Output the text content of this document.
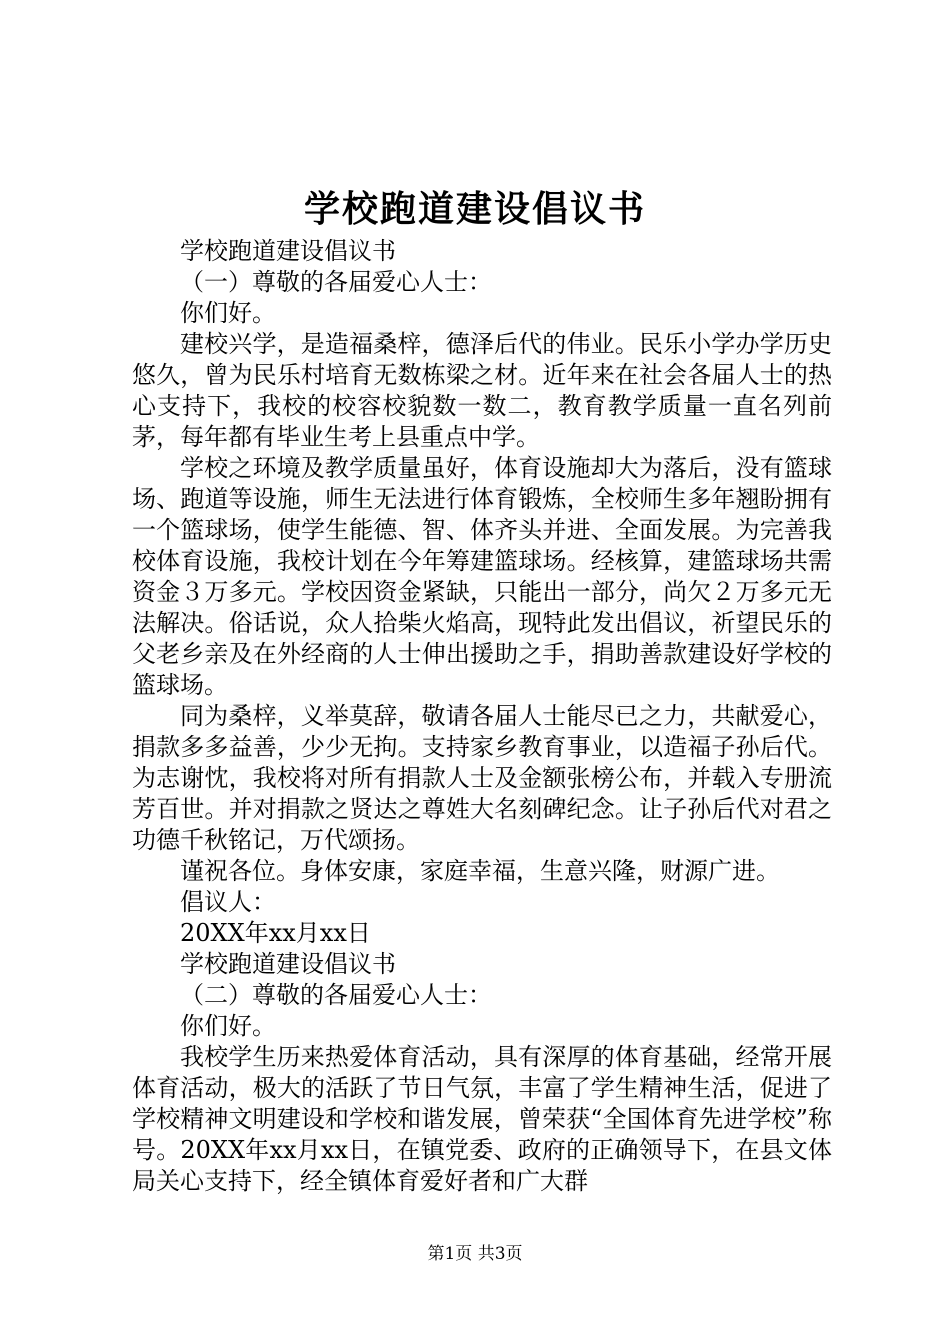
学校跑道建设倡议书

学校跑道建设倡议书

（一）尊敬的各届爱心人士：

你们好。

建校兴学，是造福桑梓，德泽后代的伟业。民乐小学办学历史悠久，曾为民乐村培育无数栋梁之材。近年来在社会各届人士的热心支持下，我校的校容校貌数一数二，教育教学质量一直名列前茅，每年都有毕业生考上县重点中学。

学校之环境及教学质量虽好，体育设施却大为落后，没有篮球场、跑道等设施，师生无法进行体育锻炼，全校师生多年翘盼拥有一个篮球场，使学生能德、智、体齐头并进、全面发展。为完善我校体育设施，我校计划在今年筹建篮球场。经核算，建篮球场共需资金３万多元。学校因资金紧缺，只能出一部分，尚欠２万多元无法解决。俗话说，众人拾柴火焰高，现特此发出倡议，祈望民乐的父老乡亲及在外经商的人士伸出援助之手，捐助善款建设好学校的篮球场。

同为桑梓，义举莫辞，敬请各届人士能尽已之力，共献爱心，捐款多多益善，少少无拘。支持家乡教育事业，以造福子孙后代。为志谢忱，我校将对所有捐款人士及金额张榜公布，并载入专册流芳百世。并对捐款之贤达之尊姓大名刻碑纪念。让子孙后代对君之功德千秋铭记，万代颂扬。

谨祝各位。身体安康，家庭幸福，生意兴隆，财源广进。

倡议人：

20XX年xx月xx日

学校跑道建设倡议书

（二）尊敬的各届爱心人士：

你们好。

我校学生历来热爱体育活动，具有深厚的体育基础，经常开展体育活动，极大的活跃了节日气氛，丰富了学生精神生活，促进了学校精神文明建设和学校和谐发展，曾荣获“全国体育先进学校”称号。20XX年xx月xx日，在镇党委、政府的正确领导下，在县文体局关心支持下，经全镇体育爱好者和广大群

第1页 共3页
